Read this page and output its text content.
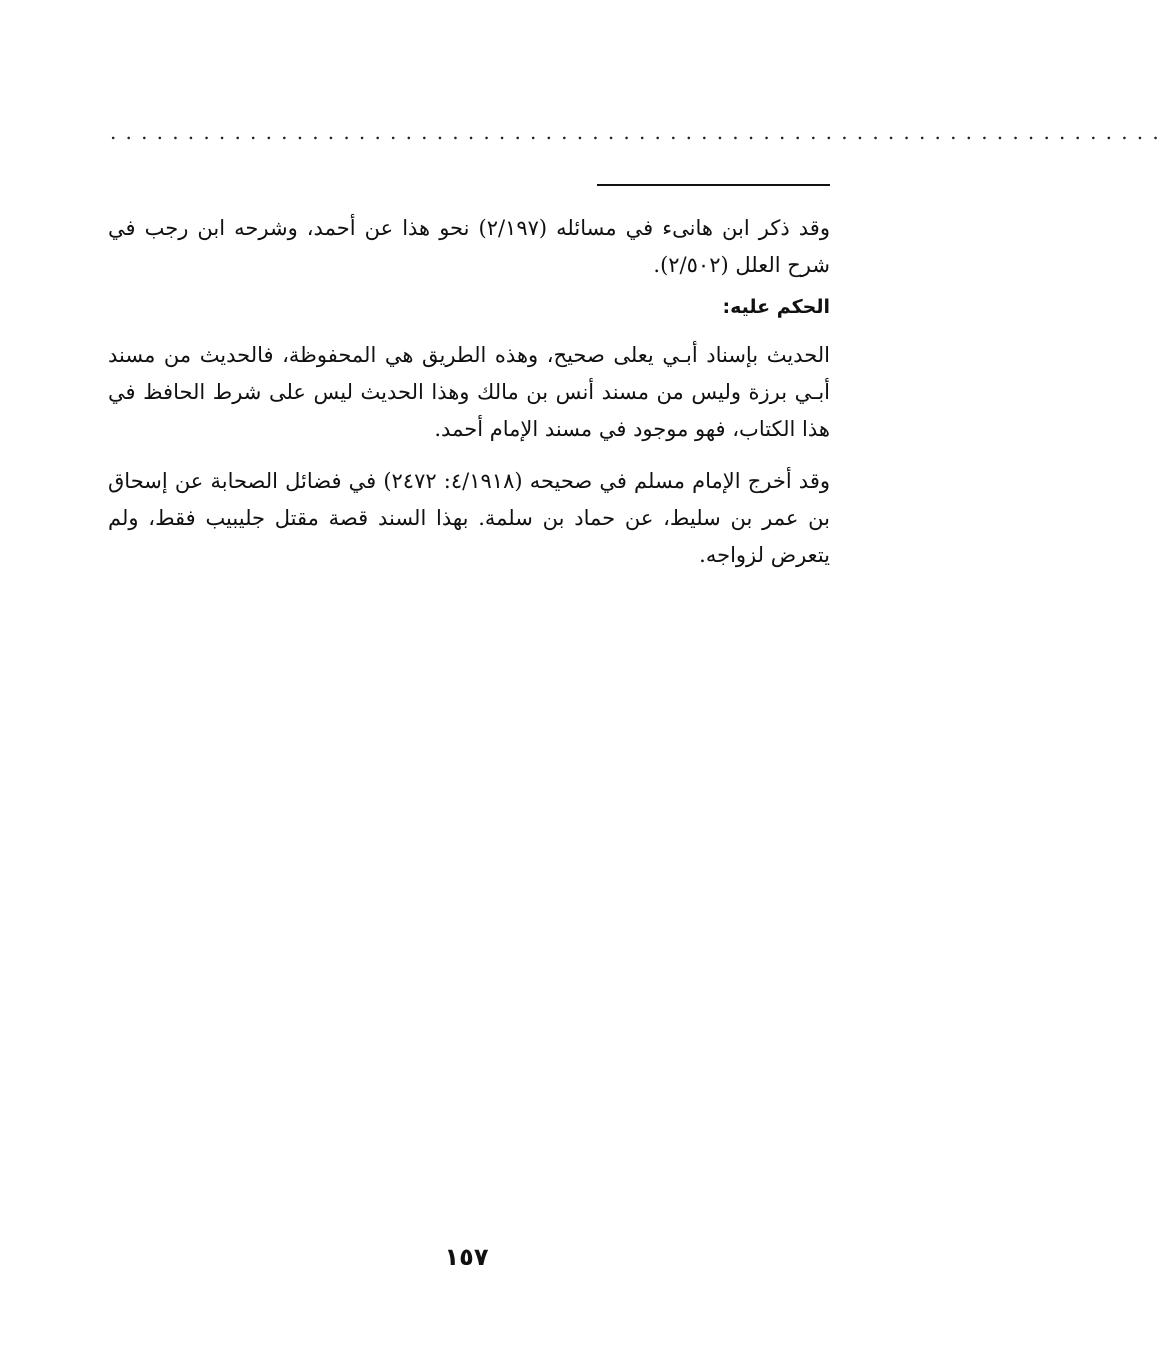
....................................................................
وقد ذكر ابن هانىء في مسائله (٢/١٩٧) نحو هذا عن أحمد، وشرحه ابن رجب في شرح العلل (٢/٥٠٢).
الحكم عليه:
الحديث بإسناد أبـي يعلى صحيح، وهذه الطريق هي المحفوظة، فالحديث من مسند أبـي برزة وليس من مسند أنس بن مالك وهذا الحديث ليس على شرط الحافظ في هذا الكتاب، فهو موجود في مسند الإمام أحمد.
وقد أخرج الإمام مسلم في صحيحه (٤/١٩١٨: ٢٤٧٢) في فضائل الصحابة عن إسحاق بن عمر بن سليط، عن حماد بن سلمة. بهذا السند قصة مقتل جليبيب فقط، ولم يتعرض لزواجه.
١٥٧
